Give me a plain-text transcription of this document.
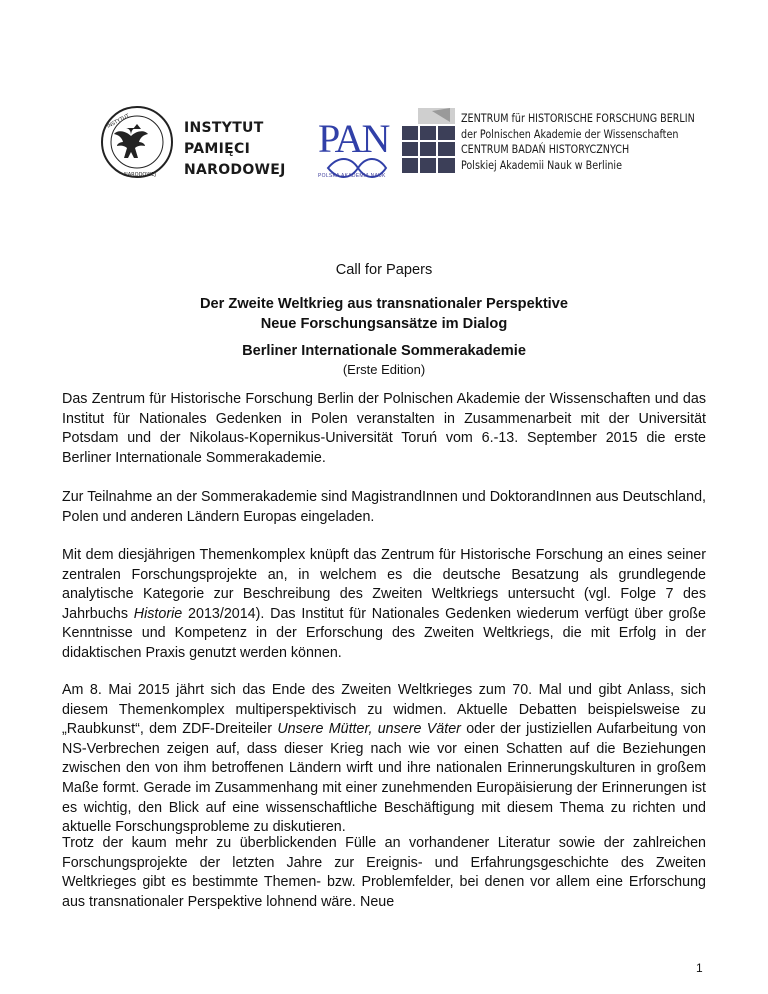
INSTYTUT
NARODOWEJ
INSTYTUT
PAMIĘCI
NARODOWEJ
PAN
POLSKA AKADEMIA NAUK
ZENTRUM für HISTORISCHE FORSCHUNG BERLIN
der Polnischen Akademie der Wissenschaften
CENTRUM BADAŃ HISTORYCZNYCH
Polskiej Akademii Nauk w Berlinie
Call for Papers
Der Zweite Weltkrieg aus transnationaler Perspektive
Neue Forschungsansätze im Dialog
Berliner Internationale Sommerakademie
(Erste Edition)

Das Zentrum für Historische Forschung Berlin der Polnischen Akademie der Wissenschaften und das Institut für Nationales Gedenken in Polen veranstalten in Zusammenarbeit mit der Universität Potsdam und der Nikolaus-Kopernikus-Universität Toruń vom 6.-13. September 2015 die erste Berliner Internationale Sommerakademie.

Zur Teilnahme an der Sommerakademie sind MagistrandInnen und DoktorandInnen aus Deutschland, Polen und anderen Ländern Europas eingeladen.

Mit dem diesjährigen Themenkomplex knüpft das Zentrum für Historische Forschung an eines seiner zentralen Forschungsprojekte an, in welchem es die deutsche Besatzung als grundlegende analytische Kategorie zur Beschreibung des Zweiten Weltkriegs untersucht (vgl. Folge 7 des Jahrbuchs Historie 2013/2014). Das Institut für Nationales Gedenken wiederum verfügt über große Kenntnisse und Kompetenz in der Erforschung des Zweiten Weltkriegs, die mit Erfolg in der didaktischen Praxis genutzt werden können.

Am 8. Mai 2015 jährt sich das Ende des Zweiten Weltkrieges zum 70. Mal und gibt Anlass, sich diesem Themenkomplex multiperspektivisch zu widmen. Aktuelle Debatten beispielsweise zu „Raubkunst“, dem ZDF-Dreiteiler Unsere Mütter, unsere Väter oder der justiziellen Aufarbeitung von NS-Verbrechen zeigen auf, dass dieser Krieg nach wie vor einen Schatten auf die Beziehungen zwischen den von ihm betroffenen Ländern wirft und ihre nationalen Erinnerungskulturen in großem Maße formt. Gerade im Zusammenhang mit einer zunehmenden Europäisierung der Erinnerungen ist es wichtig, den Blick auf eine wissenschaftliche Beschäftigung mit diesem Thema zu richten und aktuelle Forschungsprobleme zu diskutieren.

Trotz der kaum mehr zu überblickenden Fülle an vorhandener Literatur sowie der zahlreichen Forschungsprojekte der letzten Jahre zur Ereignis- und Erfahrungsgeschichte des Zweiten Weltkrieges gibt es bestimmte Themen- bzw. Problemfelder, bei denen vor allem eine Erforschung aus transnationaler Perspektive lohnend wäre. Neue

1
